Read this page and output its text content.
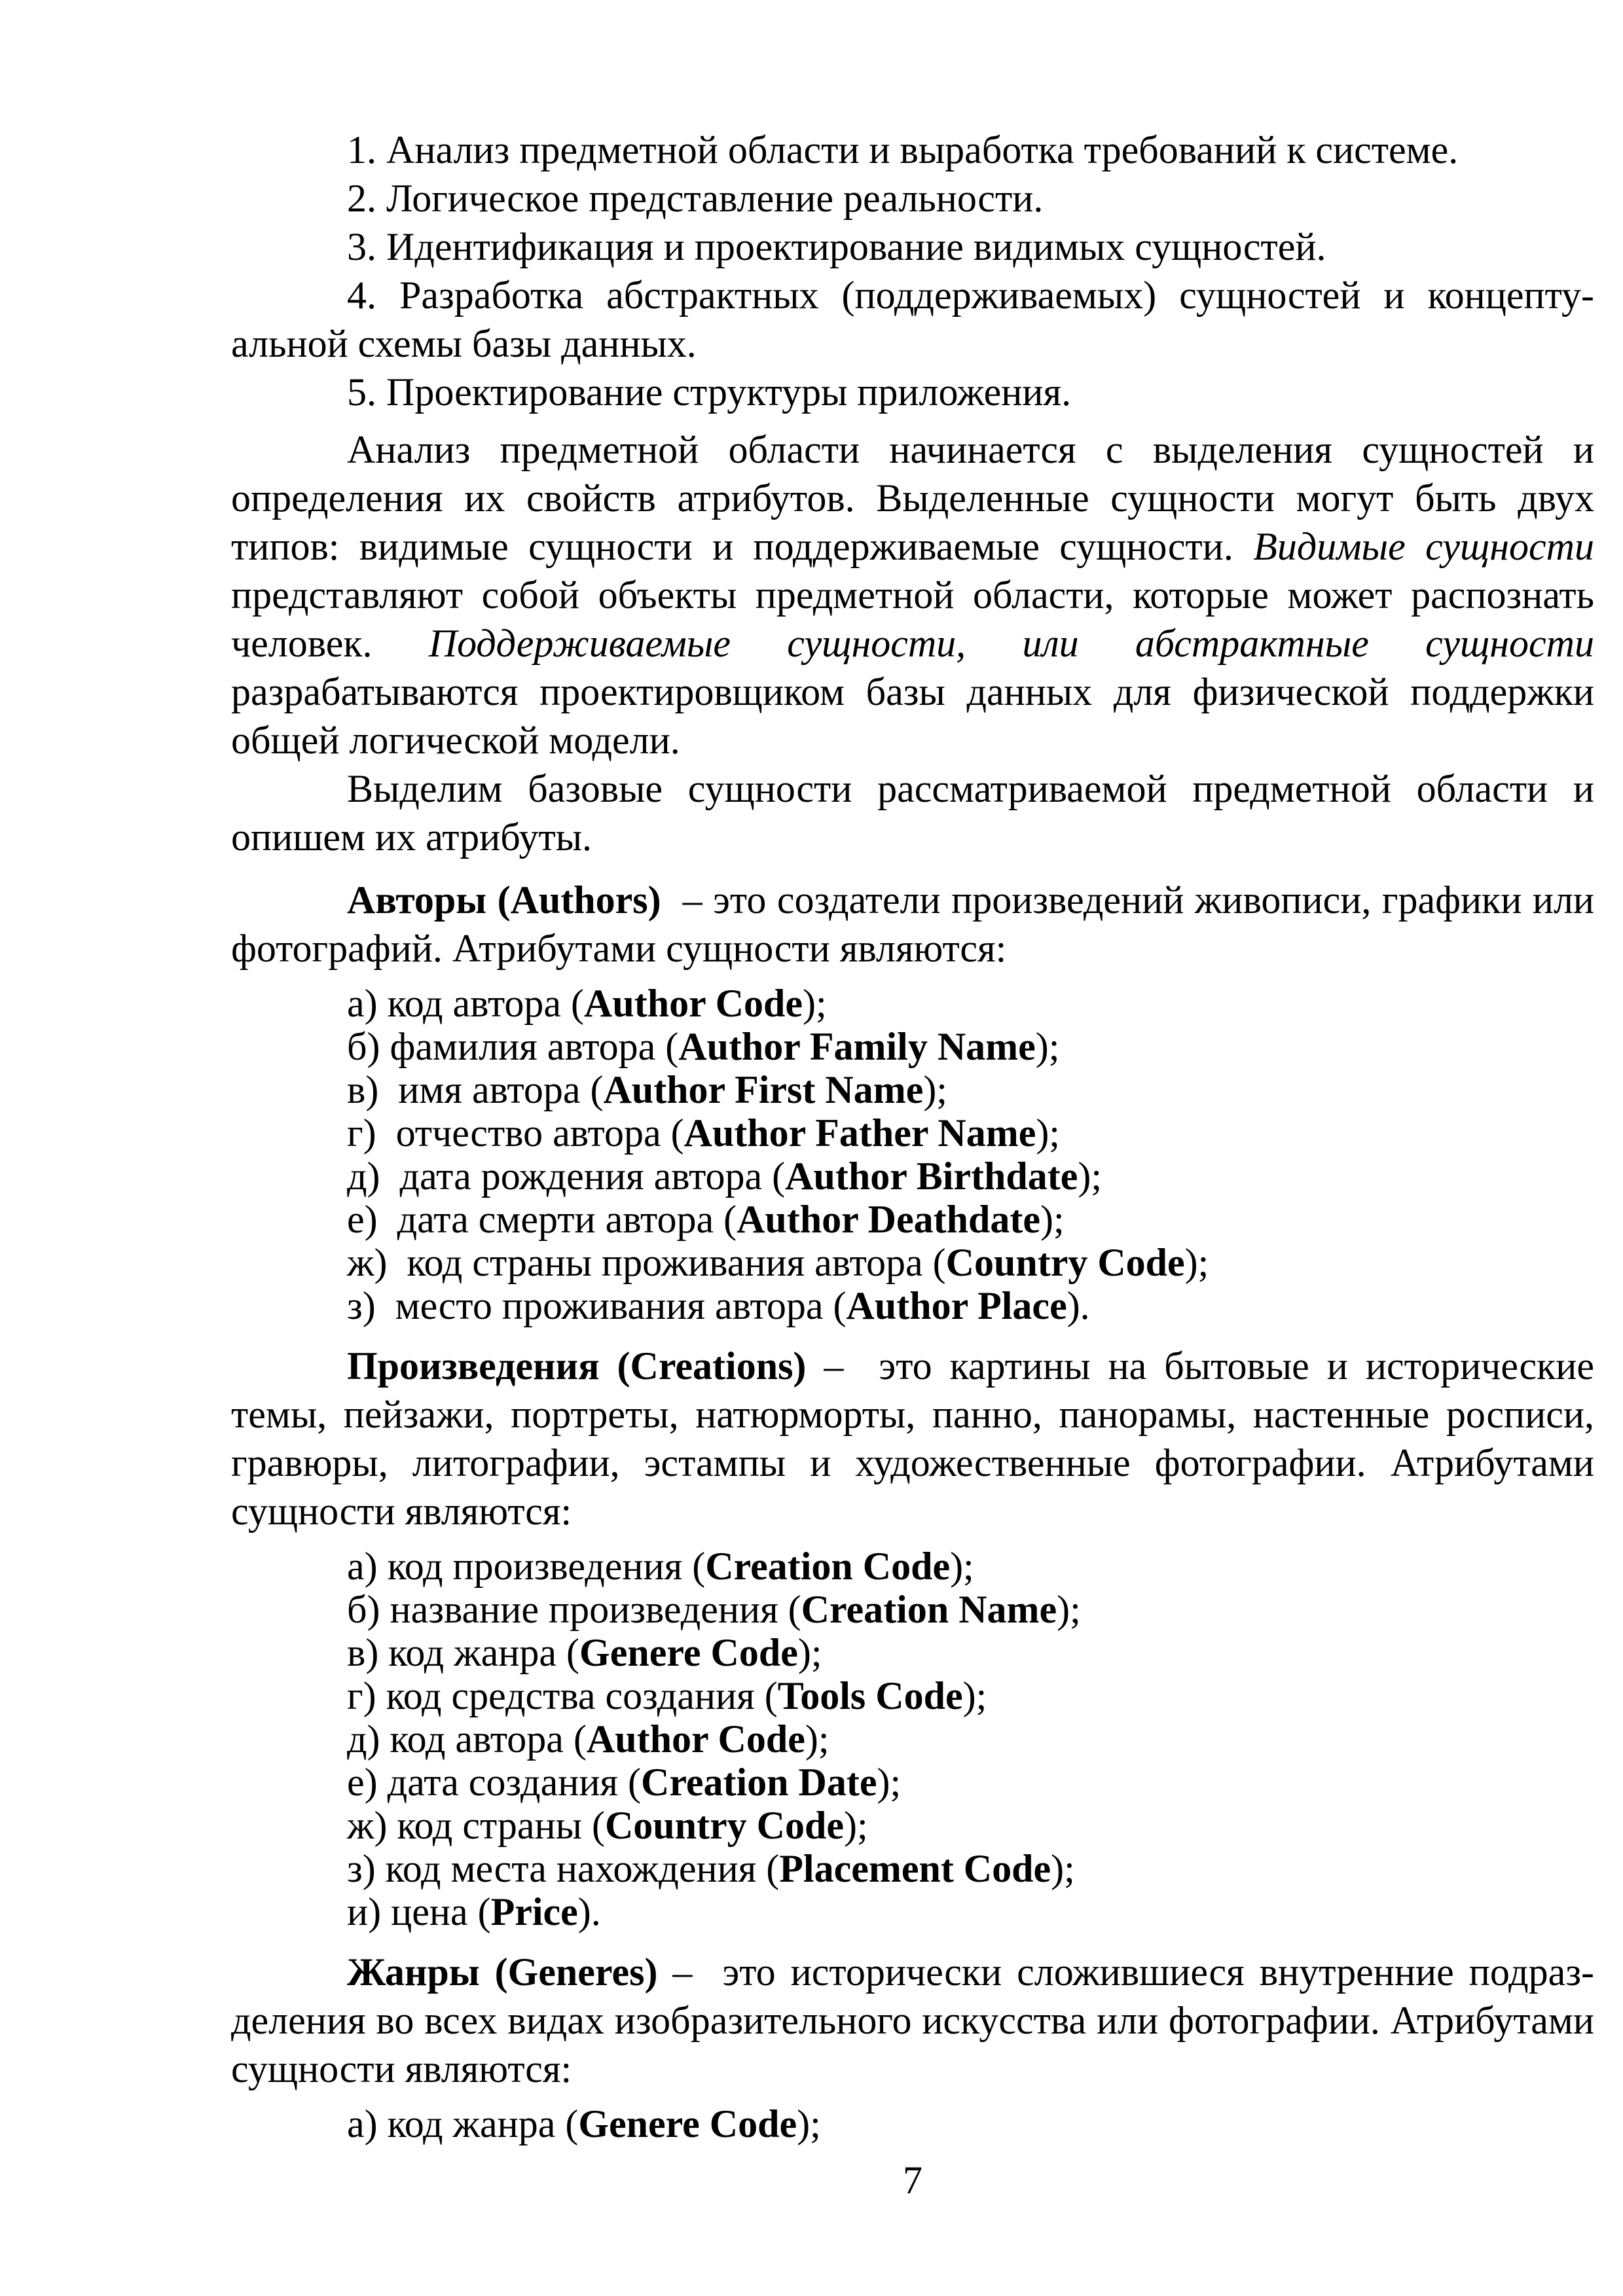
1. Анализ предметной области и выработка требований к системе.
2. Логическое представление реальности.
3. Идентификация и проектирование видимых сущностей.
4. Разработка абстрактных (поддерживаемых) сущностей и концепту-
альной схемы базы данных.
5. Проектирование структуры приложения.
Анализ предметной области начинается с выделения сущностей и
определения их свойств атрибутов. Выделенные сущности могут быть двух
типов: видимые сущности и поддерживаемые сущности. Видимые сущности
представляют собой объекты предметной области, которые может распознать
человек. Поддерживаемые сущности, или абстрактные сущности
разрабатываются проектировщиком базы данных для физической поддержки
общей логической модели.
Выделим базовые сущности рассматриваемой предметной области и
опишем их атрибуты.
Авторы (Authors)  – это создатели произведений живописи, графики или
фотографий. Атрибутами сущности являются:
а) код автора (Author Code);
б) фамилия автора (Author Family Name);
в)  имя автора (Author First Name);
г)  отчество автора (Author Father Name);
д)  дата рождения автора (Author Birthdate);
е)  дата смерти автора (Author Deathdate);
ж)  код страны проживания автора (Country Code);
з)  место проживания автора (Author Place).
Произведения (Creations) –  это картины на бытовые и исторические
темы, пейзажи, портреты, натюрморты, панно, панорамы, настенные росписи,
гравюры, литографии, эстампы и художественные фотографии. Атрибутами
сущности являются:
а) код произведения (Creation Code);
б) название произведения (Creation Name);
в) код жанра (Genere Code);
г) код средства создания (Tools Code);
д) код автора (Author Code);
е) дата создания (Creation Date);
ж) код страны (Country Code);
з) код места нахождения (Placement Code);
и) цена (Price).
Жанры (Generes) –  это исторически сложившиеся внутренние подраз-
деления во всех видах изобразительного искусства или фотографии. Атрибутами
сущности являются:
а) код жанра (Genere Code);
7
